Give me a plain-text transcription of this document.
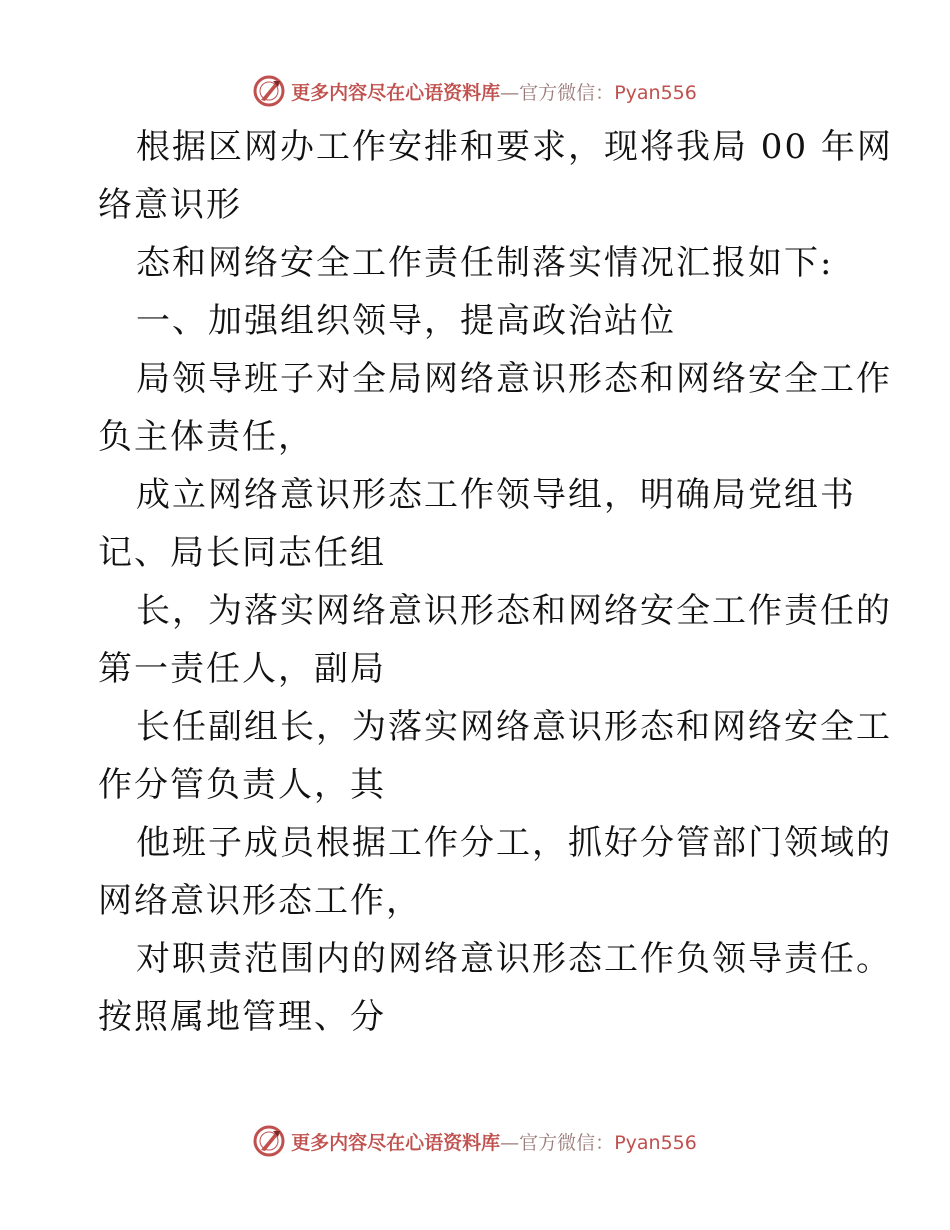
更多内容尽在心语资料库 — 官方微信： Pyan556
根据区网办工作安排和要求，现将我局 00 年网
络意识形
态和网络安全工作责任制落实情况汇报如下:
一、加强组织领导，提高政治站位
局领导班子对全局网络意识形态和网络安全工作
负主体责任，
成立网络意识形态工作领导组，明确局党组书
记、局长同志任组
长，为落实网络意识形态和网络安全工作责任的
第一责任人，副局
长任副组长，为落实网络意识形态和网络安全工
作分管负责人，其
他班子成员根据工作分工，抓好分管部门领域的
网络意识形态工作，
对职责范围内的网络意识形态工作负领导责任。
按照属地管理、分
更多内容尽在心语资料库 — 官方微信： Pyan556
